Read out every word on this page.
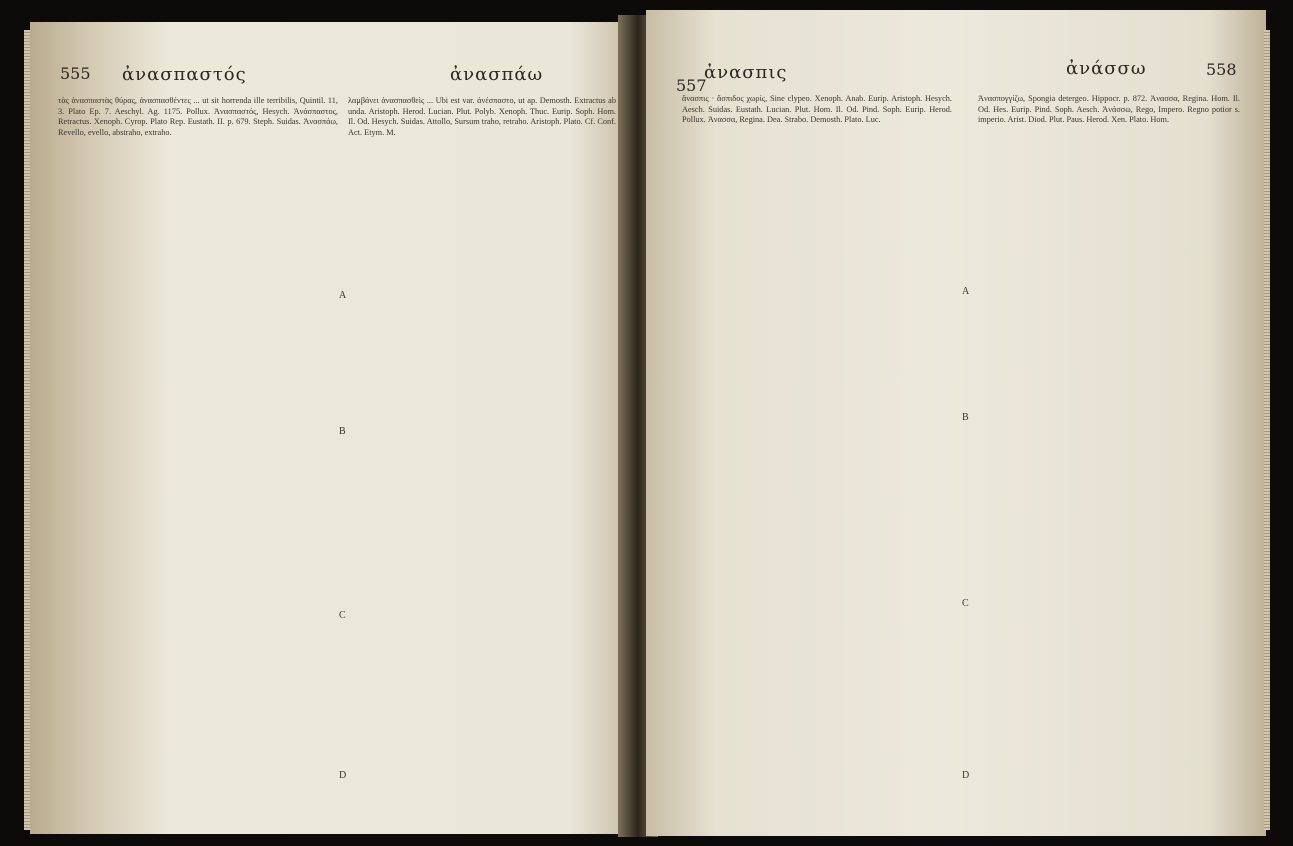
555 ἀνασπαστός	ἀνασπάω
τὰς ἀνασπαστὰς θύρας, ἀνασπασθέντες ... ut sit horrenda ille terribilis, Quintil. 11, 3. Plato Ep. 7. Aeschyl. Ag. 1175. Pollux. Ἀνασπαστός, Hesych. Ἀνάσπαστος, Retractus. Xenoph. Cyrop. Plato Rep. Eustath. II. p. 679. Steph. Suidas. Ἀνασπάω, Revello, evello, abstraho, extraho.
λαμβάνει ἀνασπασθεὶς ... Ubi est var. ἀνέσπαστο, ut ap. Demosth. Extractus ab unda. Aristoph. Herod. Lucian. Plut. Polyb. Xenoph. Thuc. Eurip. Soph. Hom. Il. Od. Hesych. Suidas. Attollo, Sursum traho, retraho. Aristoph. Plato. Cf. Conf. Act. Etym. M.
A
B
C
D
557
ἀνασπις	ἀνάσσω	558
ἄνασπις · ἄσπιδος χωρίς, Sine clypeo. Xenoph. Anab. Eurip. Aristoph. Hesych. Aesch. Suidas. Eustath. Lucian. Plut. Hom. Il. Od. Pind. Soph. Eurip. Herod. Pollux. Ἀνασσα, Regina. Dea. Strabo. Demosth. Plato. Luc.
Ἀνασπογγίζω, Spongia detergeo. Hippocr. p. 872. Ἀνασσα, Regina. Hom. Il. Od. Hes. Eurip. Pind. Soph. Aesch. Ἀνάσσω, Rego, Impero. Regno potior s. imperio. Arist. Diod. Plut. Paus. Herod. Xen. Plato. Hom.
A
B
C
D
